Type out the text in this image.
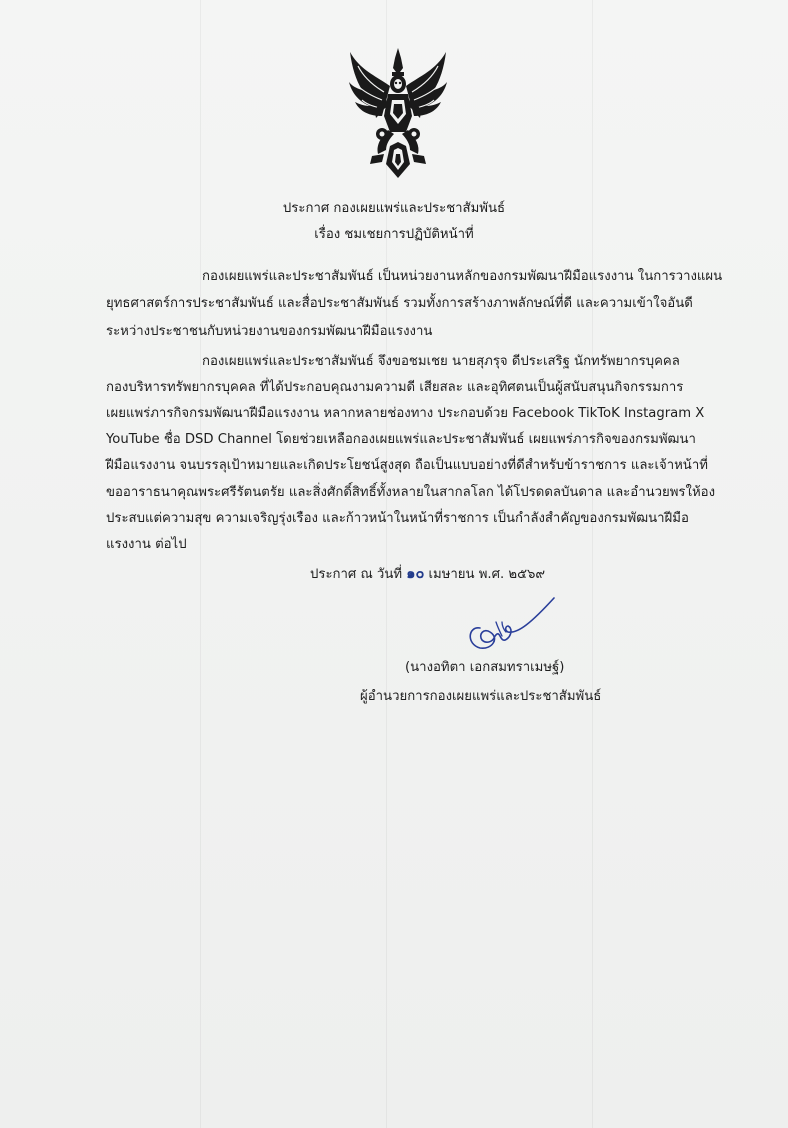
ประกาศ กองเผยแพร่และประชาสัมพันธ์
เรื่อง ชมเชยการปฏิบัติหน้าที่
กองเผยแพร่และประชาสัมพันธ์ เป็นหน่วยงานหลักของกรมพัฒนาฝีมือแรงงาน ในการวางแผน
ยุทธศาสตร์การประชาสัมพันธ์ และสื่อประชาสัมพันธ์ รวมทั้งการสร้างภาพลักษณ์ที่ดี และความเข้าใจอันดี
ระหว่างประชาชนกับหน่วยงานของกรมพัฒนาฝีมือแรงงาน
กองเผยแพร่และประชาสัมพันธ์ จึงขอชมเชย นายสุภรุจ ดีประเสริฐ นักทรัพยากรบุคคล
กองบริหารทรัพยากรบุคคล ที่ได้ประกอบคุณงามความดี เสียสละ และอุทิศตนเป็นผู้สนับสนุนกิจกรรมการ
เผยแพร่ภารกิจกรมพัฒนาฝีมือแรงงาน หลากหลายช่องทาง ประกอบด้วย Facebook TikToK Instagram X
YouTube ชื่อ DSD Channel โดยช่วยเหลือกองเผยแพร่และประชาสัมพันธ์ เผยแพร่ภารกิจของกรมพัฒนา
ฝีมือแรงงาน จนบรรลุเป้าหมายและเกิดประโยชน์สูงสุด ถือเป็นแบบอย่างที่ดีสำหรับข้าราชการ และเจ้าหน้าที่
ขออาราธนาคุณพระศรีรัตนตรัย และสิ่งศักดิ์สิทธิ์ทั้งหลายในสากลโลก ได้โปรดดลบันดาล และอำนวยพรให้อง
ประสบแต่ความสุข ความเจริญรุ่งเรือง และก้าวหน้าในหน้าที่ราชการ เป็นกำลังสำคัญของกรมพัฒนาฝีมือ
แรงงาน ต่อไป
ประกาศ ณ วันที่ ๑๐ เมษายน พ.ศ. ๒๕๖๙
(นางอทิตา เอกสมทราเมษฐ์)
ผู้อำนวยการกองเผยแพร่และประชาสัมพันธ์
